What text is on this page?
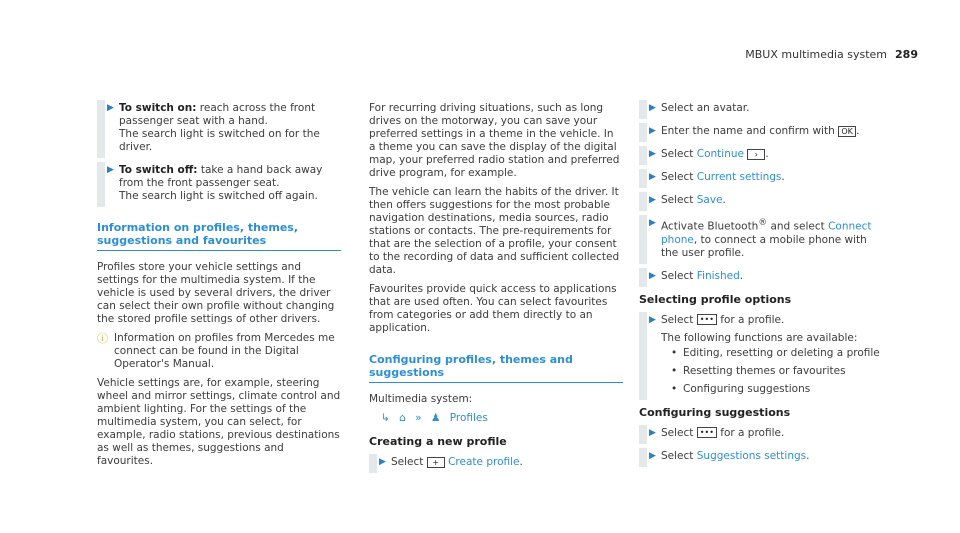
MBUX multimedia system 289
▶ To switch on: reach across the front passenger seat with a hand.
The search light is switched on for the driver.
▶ To switch off: take a hand back away from the front passenger seat.
The search light is switched off again.
Information on profiles, themes, suggestions and favourites

Profiles store your vehicle settings and settings for the multimedia system. If the vehicle is used by several drivers, the driver can select their own profile without changing the stored profile settings of other drivers.

ⓘ Information on profiles from Mercedes me connect can be found in the Digital Operator's Manual.

Vehicle settings are, for example, steering wheel and mirror settings, climate control and ambient lighting. For the settings of the multimedia system, you can select, for example, radio stations, previous destinations as well as themes, suggestions and favourites.

For recurring driving situations, such as long drives on the motorway, you can save your preferred settings in a theme in the vehicle. In a theme you can save the display of the digital map, your preferred radio station and preferred drive program, for example.

The vehicle can learn the habits of the driver. It then offers suggestions for the most probable navigation destinations, media sources, radio stations or contacts. The pre-requirements for that are the selection of a profile, your consent to the recording of data and sufficient collected data.

Favourites provide quick access to applications that are used often. You can select favourites from categories or add them directly to an application.

Configuring profiles, themes and suggestions
Multimedia system:
↳ ⌂ » ♟ Profiles
Creating a new profile
▶ Select + Create profile.
▶ Select an avatar.
▶ Enter the name and confirm with OK .
▶ Select Continue › .
▶ Select Current settings.
▶ Select Save.
▶ Activate Bluetooth® and select Connect phone, to connect a mobile phone with the user profile.
▶ Select Finished.
Selecting profile options
▶ Select ••• for a profile.
The following functions are available:
• Editing, resetting or deleting a profile
• Resetting themes or favourites
• Configuring suggestions
Configuring suggestions
▶ Select ••• for a profile.
▶ Select Suggestions settings.
